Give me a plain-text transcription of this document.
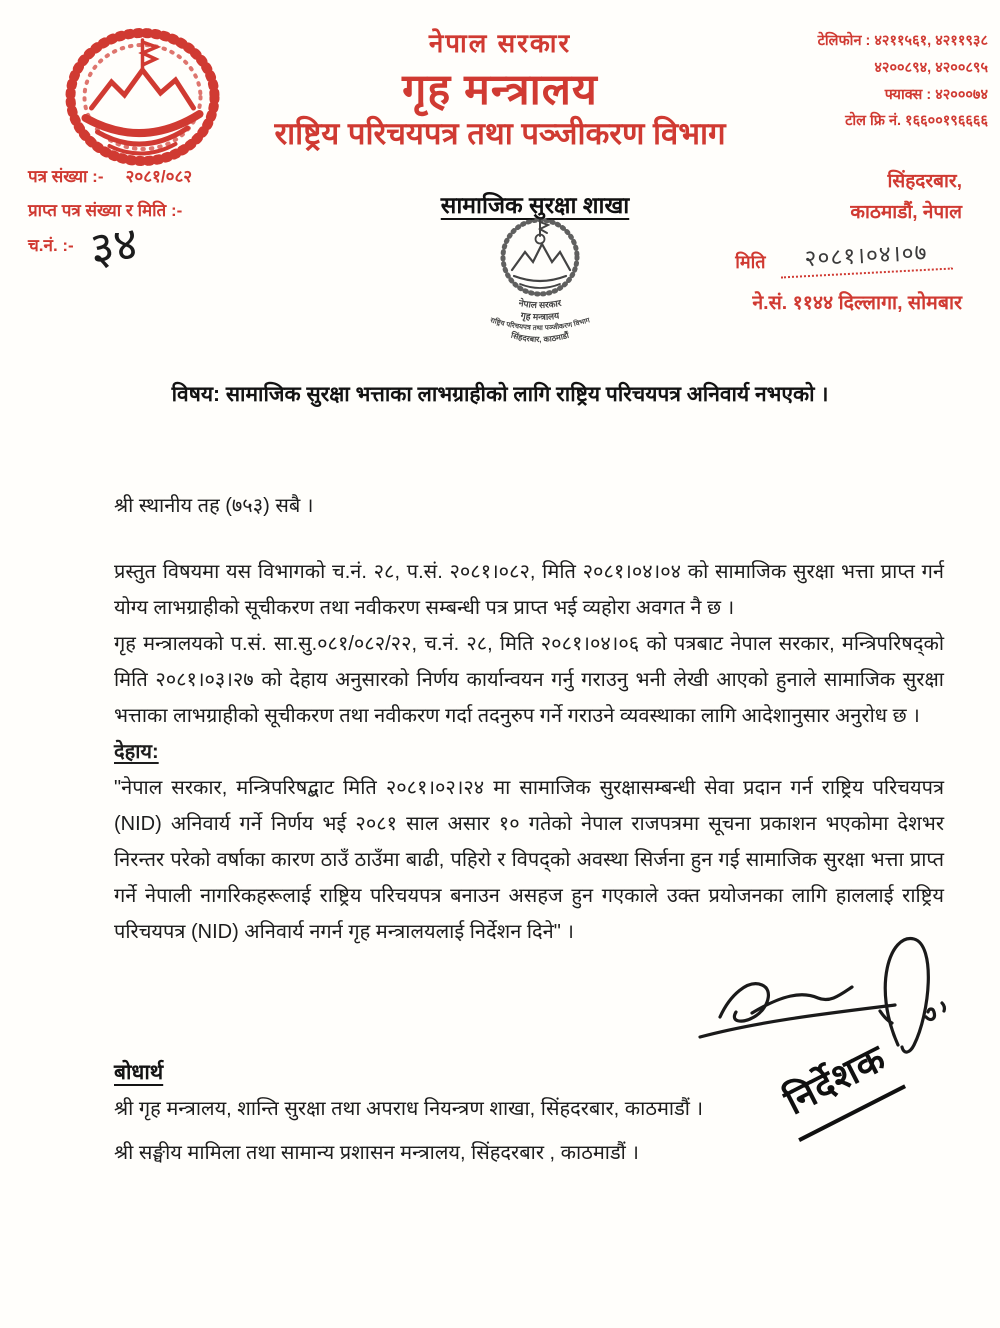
नेपाल सरकार
गृह मन्त्रालय
राष्ट्रिय परिचयपत्र तथा पञ्जीकरण विभाग
टेलिफोन : ४२११५६१, ४२११९३८
४२००८९४, ४२००८९५
फ्याक्स : ४२०००७४
टोल फ्रि नं. १६६००१९६६६६
पत्र संख्या :- २०८१/०८२
प्राप्त पत्र संख्या र मिति :-
च.नं. :- ३४
सामाजिक सुरक्षा शाखा
नेपाल सरकार
गृह मन्त्रालय
राष्ट्रिय परिचयपत्र तथा पञ्जीकरण विभाग
सिंहदरबार, काठमाडौं
सिंहदरबार,
काठमाडौं, नेपाल
मिति २०८१।०४।०७
ने.सं. ११४४ दिल्लागा, सोमबार
विषय: सामाजिक सुरक्षा भत्ताका लाभग्राहीको लागि राष्ट्रिय परिचयपत्र अनिवार्य नभएको ।

श्री स्थानीय तह (७५३) सबै ।

प्रस्तुत विषयमा यस विभागको च.नं. २८, प.सं. २०८१।०८२, मिति २०८१।०४।०४ को सामाजिक सुरक्षा भत्ता प्राप्त गर्न योग्य लाभग्राहीको सूचीकरण तथा नवीकरण सम्बन्धी पत्र प्राप्त भई व्यहोरा अवगत नै छ ।

गृह मन्त्रालयको प.सं. सा.सु.०८१/०८२/२२, च.नं. २८, मिति २०८१।०४।०६ को पत्रबाट नेपाल सरकार, मन्त्रिपरिषद्को मिति २०८१।०३।२७ को देहाय अनुसारको निर्णय कार्यान्वयन गर्नु गराउनु भनी लेखी आएको हुनाले सामाजिक सुरक्षा भत्ताका लाभग्राहीको सूचीकरण तथा नवीकरण गर्दा तदनुरुप गर्ने गराउने व्यवस्थाका लागि आदेशानुसार अनुरोध छ ।

देहाय:

"नेपाल सरकार, मन्त्रिपरिषद्बाट मिति २०८१।०२।२४ मा सामाजिक सुरक्षासम्बन्धी सेवा प्रदान गर्न राष्ट्रिय परिचयपत्र (NID) अनिवार्य गर्ने निर्णय भई २०८१ साल असार १० गतेको नेपाल राजपत्रमा सूचना प्रकाशन भएकोमा देशभर निरन्तर परेको वर्षाका कारण ठाउँ ठाउँमा बाढी, पहिरो र विपद्को अवस्था सिर्जना हुन गई सामाजिक सुरक्षा भत्ता प्राप्त गर्ने नेपाली नागरिकहरूलाई राष्ट्रिय परिचयपत्र बनाउन असहज हुन गएकाले उक्त प्रयोजनका लागि हाललाई राष्ट्रिय परिचयपत्र (NID) अनिवार्य नगर्न गृह मन्त्रालयलाई निर्देशन दिने" ।

निर्देशक
बोधार्थ
श्री गृह मन्त्रालय, शान्ति सुरक्षा तथा अपराध नियन्त्रण शाखा, सिंहदरबार, काठमाडौं ।
श्री सङ्घीय मामिला तथा सामान्य प्रशासन मन्त्रालय, सिंहदरबार , काठमाडौं ।
